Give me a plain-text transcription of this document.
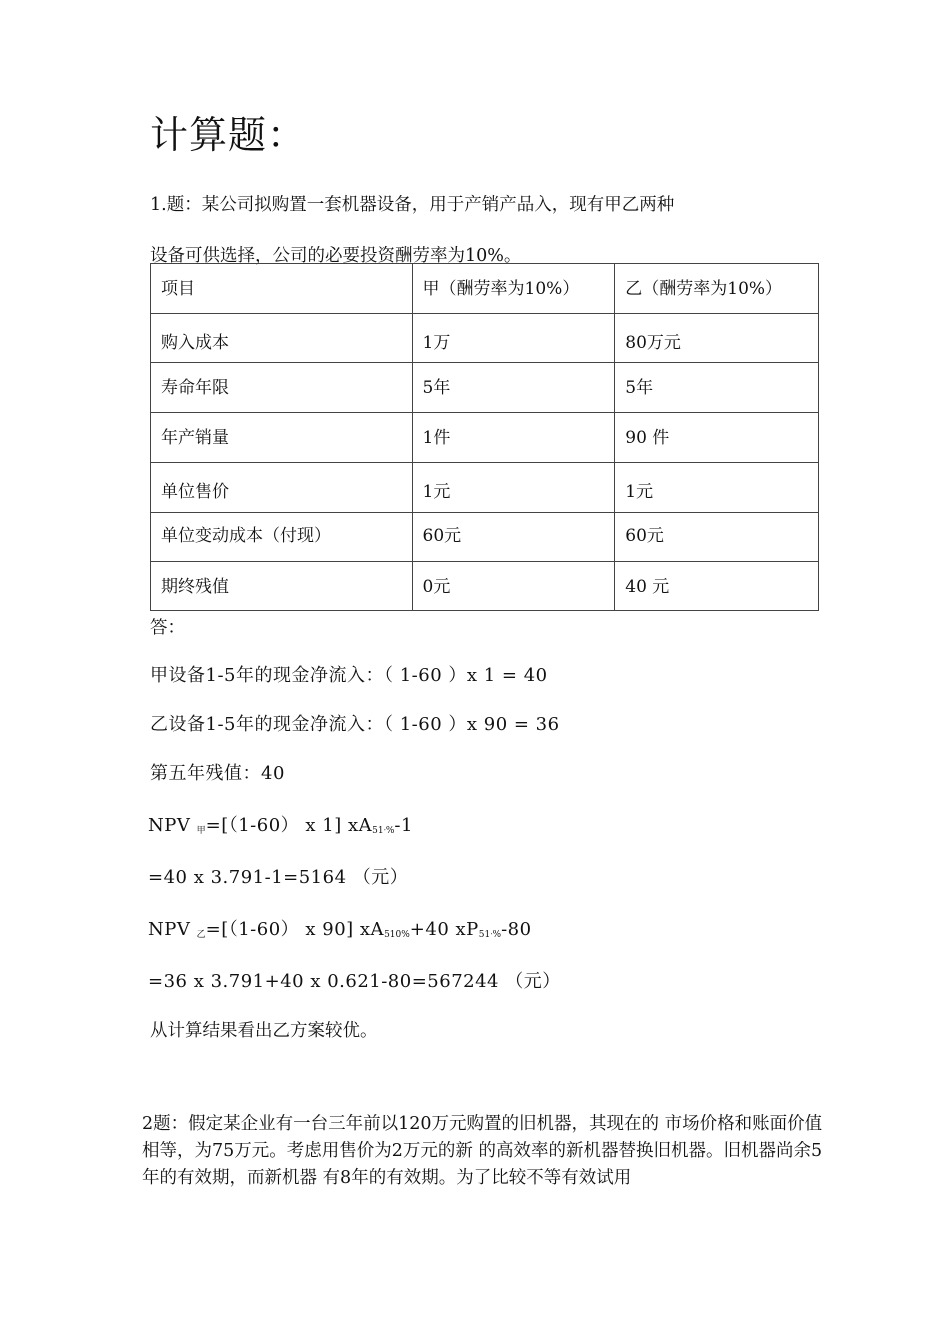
计算题：
1.题：某公司拟购置一套机器设备，用于产销产品入，现有甲乙两种
设备可供选择，公司的必要投资酬劳率为10%。
项目	甲（酬劳率为10%）	乙（酬劳率为10%）
购入成本	1万	80万元
寿命年限	5年	5年
年产销量	1件	90 件
单位售价	1元	1元
单位变动成本（付现）	60元	60元
期终残值	0元	40 元
答：
甲设备1-5年的现金净流入：（ 1-60 ）x 1 = 40
乙设备1-5年的现金净流入：（ 1-60 ）x 90 = 36
第五年残值：40
NPV $_甲$=[（1-60） x 1] $xA_{51ᐧ\%}-1$
=40 x 3.791-1=5164 （元）
NPV $_乙$=[（1-60） x 90] $xA_{510\%}+40$ $xP_{51ᐧ\%}-80$
=36 x 3.791+40 x 0.621-80=567244 （元）
从计算结果看出乙方案较优。
2题：假定某企业有一台三年前以120万元购置的旧机器，其现在的 市场价格和账面价值相等，为75万元。考虑用售价为2万元的新 的高效率的新机器替换旧机器。旧机器尚余5年的有效期，而新机器 有8年的有效期。为了比较不等有效试用
